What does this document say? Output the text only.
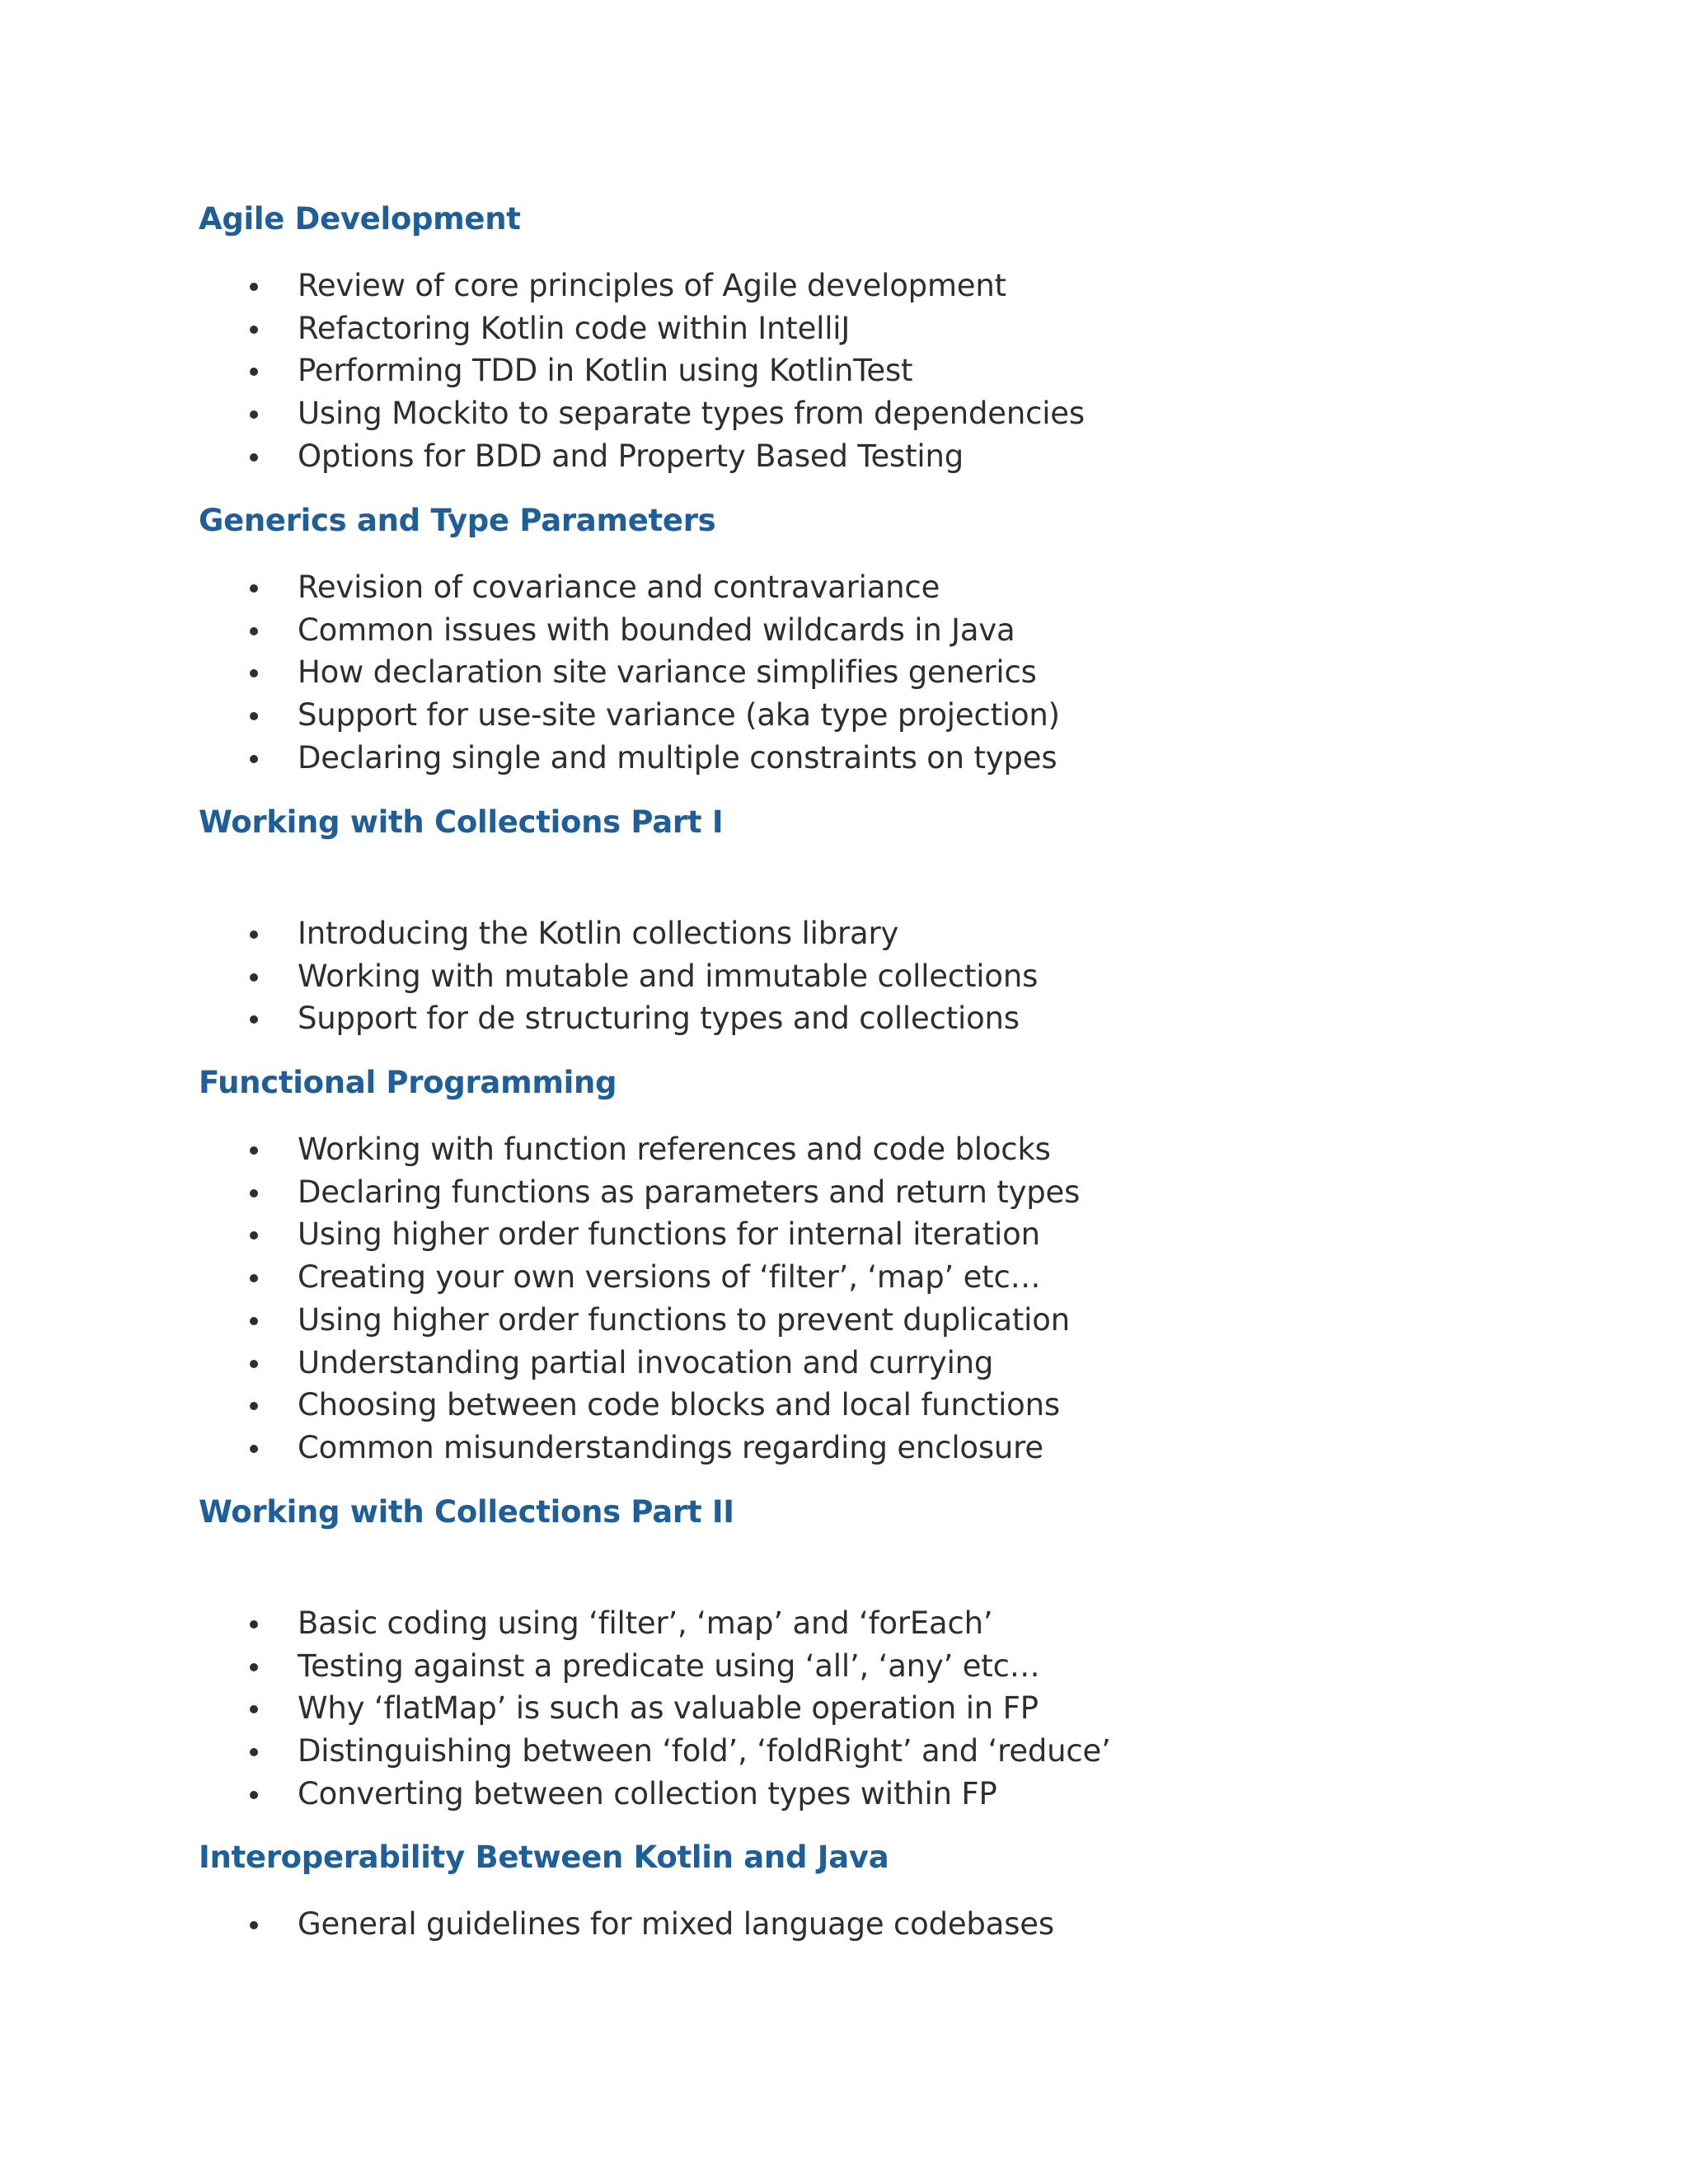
Agile Development
Review of core principles of Agile development
Refactoring Kotlin code within IntelliJ
Performing TDD in Kotlin using KotlinTest
Using Mockito to separate types from dependencies
Options for BDD and Property Based Testing
Generics and Type Parameters
Revision of covariance and contravariance
Common issues with bounded wildcards in Java
How declaration site variance simplifies generics
Support for use-site variance (aka type projection)
Declaring single and multiple constraints on types
Working with Collections Part I
Introducing the Kotlin collections library
Working with mutable and immutable collections
Support for de structuring types and collections
Functional Programming
Working with function references and code blocks
Declaring functions as parameters and return types
Using higher order functions for internal iteration
Creating your own versions of ‘filter’, ‘map’ etc…
Using higher order functions to prevent duplication
Understanding partial invocation and currying
Choosing between code blocks and local functions
Common misunderstandings regarding enclosure
Working with Collections Part II
Basic coding using ‘filter’, ‘map’ and ‘forEach’
Testing against a predicate using ‘all’, ‘any’ etc…
Why ‘flatMap’ is such as valuable operation in FP
Distinguishing between ‘fold’, ‘foldRight’ and ‘reduce’
Converting between collection types within FP
Interoperability Between Kotlin and Java
General guidelines for mixed language codebases
